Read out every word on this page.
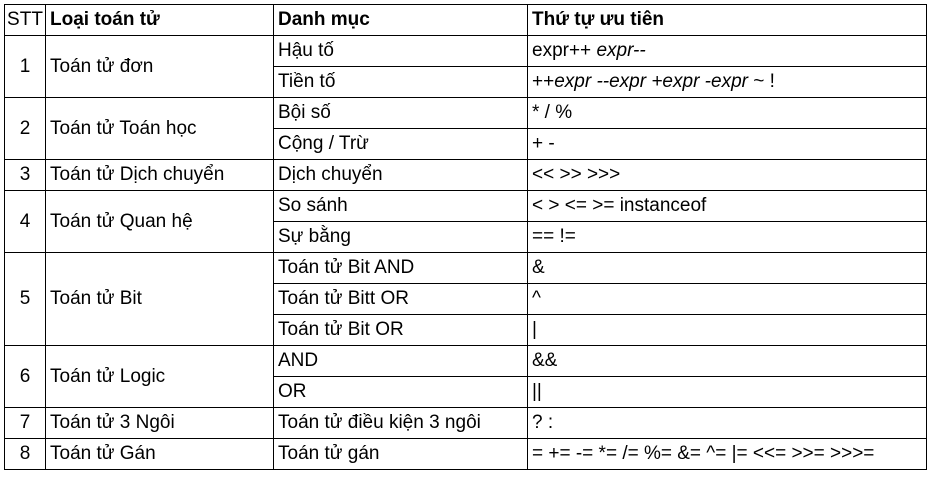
STT	Loại toán tử	Danh mục	Thứ tự ưu tiên
1	Toán tử đơn	Hậu tố	expr++ expr--
		Tiền tố	++expr --expr +expr -expr ~ !
2	Toán tử Toán học	Bội số	* / %
		Cộng / Trừ	+ -
3	Toán tử Dịch chuyển	Dịch chuyển	<< >> >>>
4	Toán tử Quan hệ	So sánh	< > <= >= instanceof
		Sự bằng	== !=
5	Toán tử Bit	Toán tử Bit AND	&
		Toán tử Bitt OR	^
		Toán tử Bit OR	|
6	Toán tử Logic	AND	&&
		OR	||
7	Toán tử 3 Ngôi	Toán tử điều kiện 3 ngôi	? :
8	Toán tử Gán	Toán tử gán	= += -= *= /= %= &= ^= |= <<= >>= >>>=
